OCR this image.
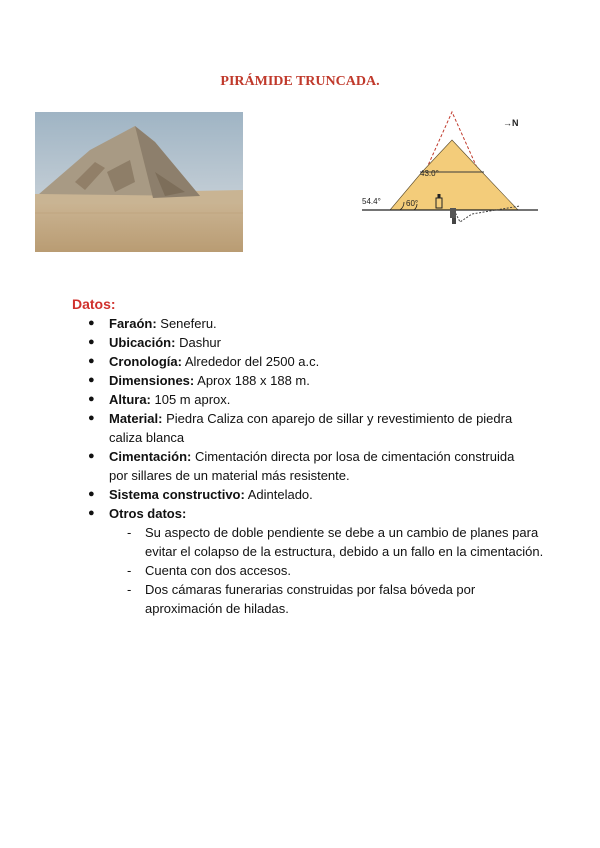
PIRÁMIDE TRUNCADA.
43.0°
54.4°	60°
→N
Datos:
● Faraón: Seneferu.
● Ubicación: Dashur
● Cronología: Alrededor del 2500 a.c.
● Dimensiones: Aprox 188 x 188 m.
● Altura: 105 m aprox.
● Material: Piedra Caliza con aparejo de sillar y revestimiento de piedra caliza blanca
● Cimentación: Cimentación directa por losa de cimentación construida por sillares de un material más resistente.
● Sistema constructivo: Adintelado.
● Otros datos:
- Su aspecto de doble pendiente se debe a un cambio de planes para evitar el colapso de la estructura, debido a un fallo en la cimentación.
- Cuenta con dos accesos.
- Dos cámaras funerarias construidas por falsa bóveda por aproximación de hiladas.
